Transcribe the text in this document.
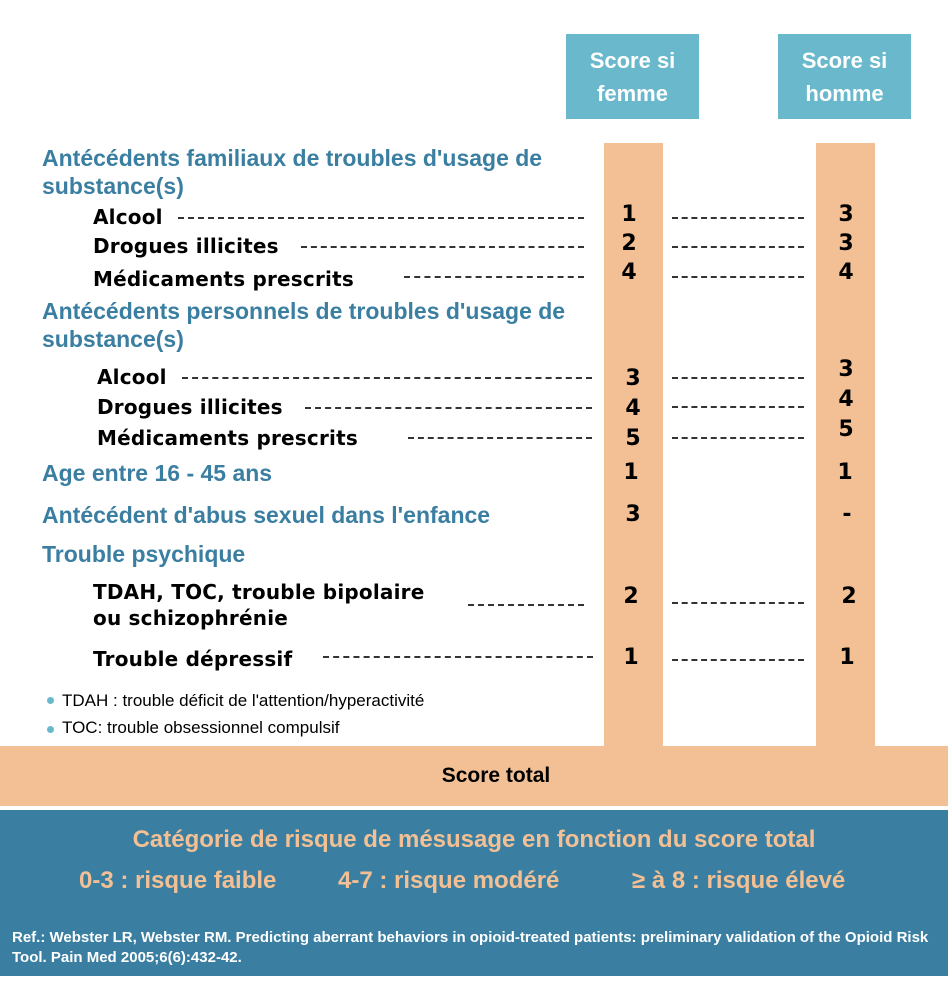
Score si femme
Score si homme
Antécédents familiaux de troubles d'usage de substance(s)
Alcool	1	3
Drogues illicites	2	3
Médicaments prescrits	4	4
Antécédents personnels de troubles d'usage de substance(s)
Alcool	3	3
Drogues illicites	4	4
Médicaments prescrits	5	5
Age entre 16 - 45 ans	1	1
Antécédent d'abus sexuel dans l'enfance	3	-
Trouble psychique
TDAH, TOC, trouble bipolaire
ou schizophrénie
2	2
Trouble dépressif	1	1
TDAH : trouble déficit de l'attention/hyperactivité
TOC: trouble obsessionnel compulsif
Score total
Catégorie de risque de mésusage en fonction du score total
0-3 : risque faible	4-7 : risque modéré	≥ à 8 : risque élevé
Ref.: Webster LR, Webster RM. Predicting aberrant behaviors in opioid-treated patients: preliminary validation of the Opioid Risk Tool. Pain Med 2005;6(6):432-42.
